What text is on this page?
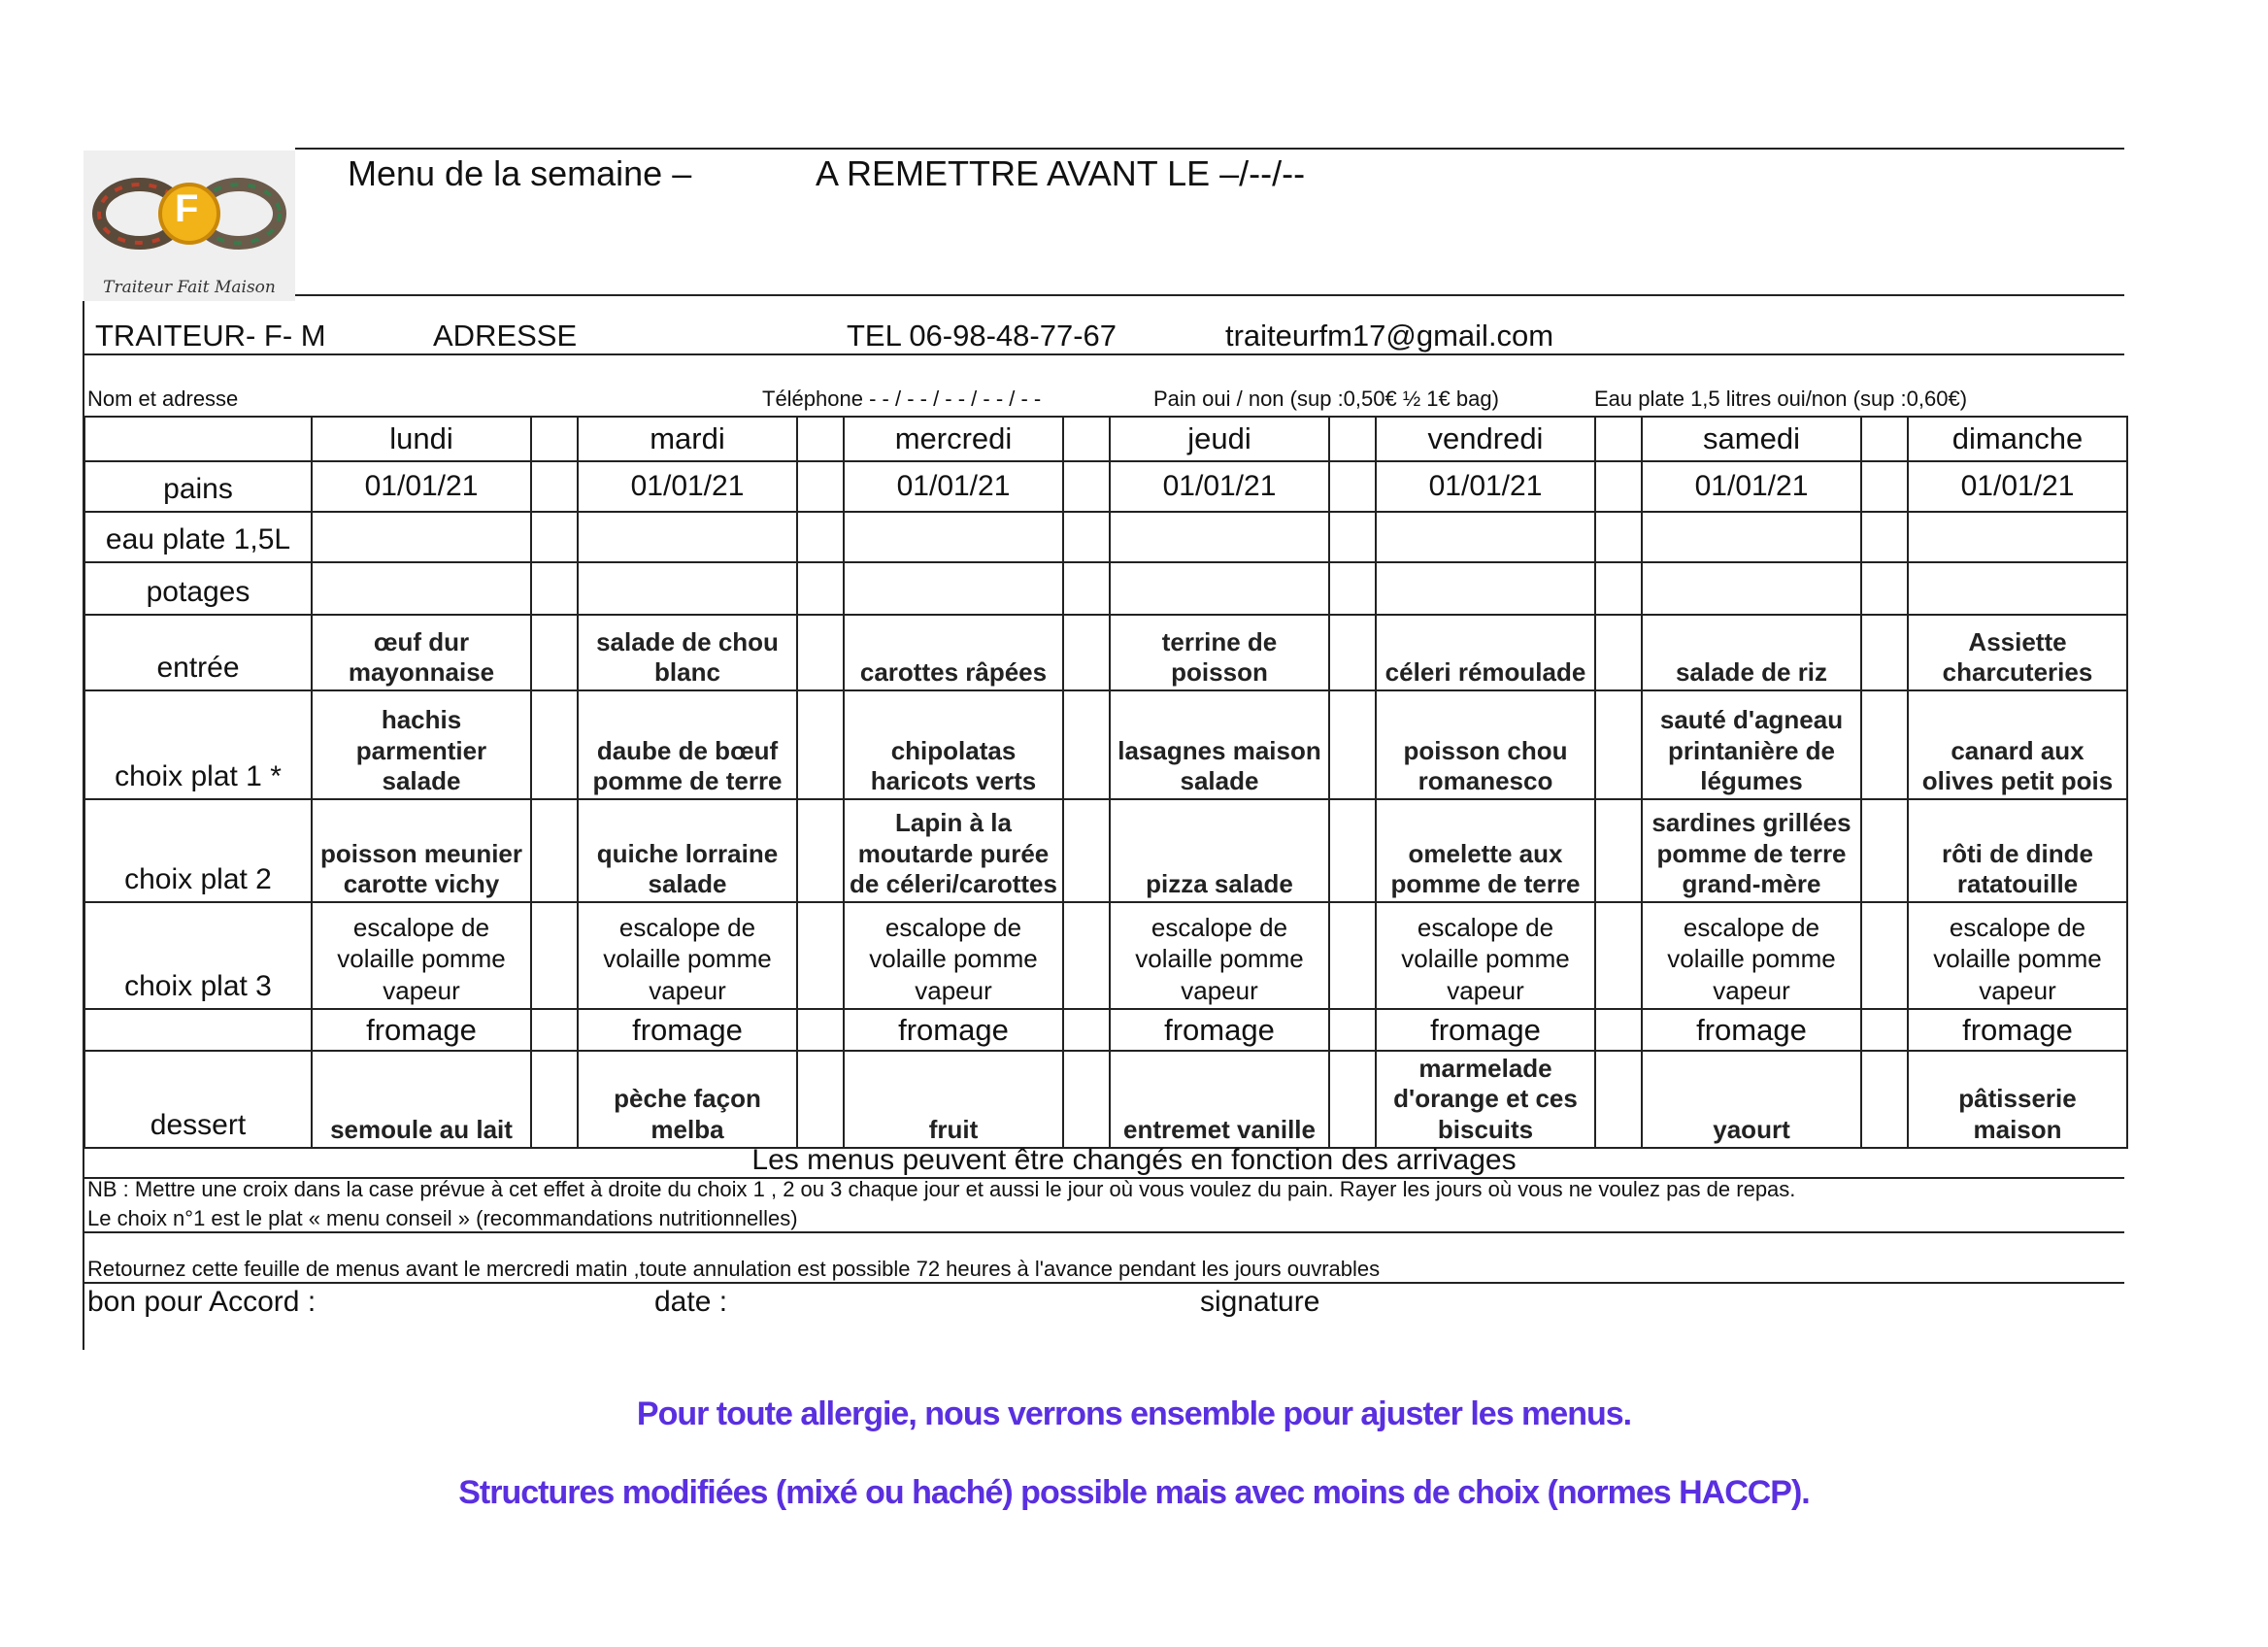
F
Traiteur Fait Maison
Menu de la semaine –	A REMETTRE AVANT LE –/--/--
TRAITEUR- F- M	ADRESSE	TEL 06-98-48-77-67	traiteurfm17@gmail.com
Nom et adresse	Téléphone - - / - - / - - / - - / - -	Pain oui / non (sup :0,50€ ½ 1€ bag)	Eau plate 1,5 litres oui/non (sup :0,60€)
	lundi		mardi		mercredi		jeudi		vendredi		samedi		dimanche
pains	01/01/21		01/01/21		01/01/21		01/01/21		01/01/21		01/01/21		01/01/21
eau plate 1,5L													
potages													
entrée	œuf dur mayonnaise		salade de chou blanc		carottes râpées		terrine de poisson		céleri rémoulade		salade de riz		Assiette charcuteries
choix plat 1 *	hachis parmentier salade		daube de bœuf pomme de terre		chipolatas haricots verts		lasagnes maison salade		poisson chou romanesco		sauté d'agneau printanière de légumes		canard aux olives petit pois
choix plat 2	poisson meunier carotte vichy		quiche lorraine salade		Lapin à la moutarde purée de céleri/carottes		pizza salade		omelette aux pomme de terre		sardines grillées pomme de terre grand-mère		rôti de dinde ratatouille
choix plat 3	escalope de volaille pomme vapeur		escalope de volaille pomme vapeur		escalope de volaille pomme vapeur		escalope de volaille pomme vapeur		escalope de volaille pomme vapeur		escalope de volaille pomme vapeur		escalope de volaille pomme vapeur
	fromage		fromage		fromage		fromage		fromage		fromage		fromage
dessert	semoule au lait		pèche façon melba		fruit		entremet vanille		marmelade d'orange et ces biscuits		yaourt		pâtisserie maison
Les menus peuvent être changés en fonction des arrivages
NB : Mettre une croix dans la case prévue à cet effet à droite du choix 1 , 2 ou 3 chaque jour et aussi le jour où vous voulez du pain. Rayer les jours où vous ne voulez pas de repas.
Le choix n°1 est le plat « menu conseil » (recommandations nutritionnelles)
Retournez cette feuille de menus avant le mercredi matin ,toute annulation est possible 72 heures à l'avance pendant les jours ouvrables
bon pour Accord :	date :	signature
Pour toute allergie, nous verrons ensemble pour ajuster les menus.
Structures modifiées (mixé ou haché) possible mais avec moins de choix (normes HACCP).
